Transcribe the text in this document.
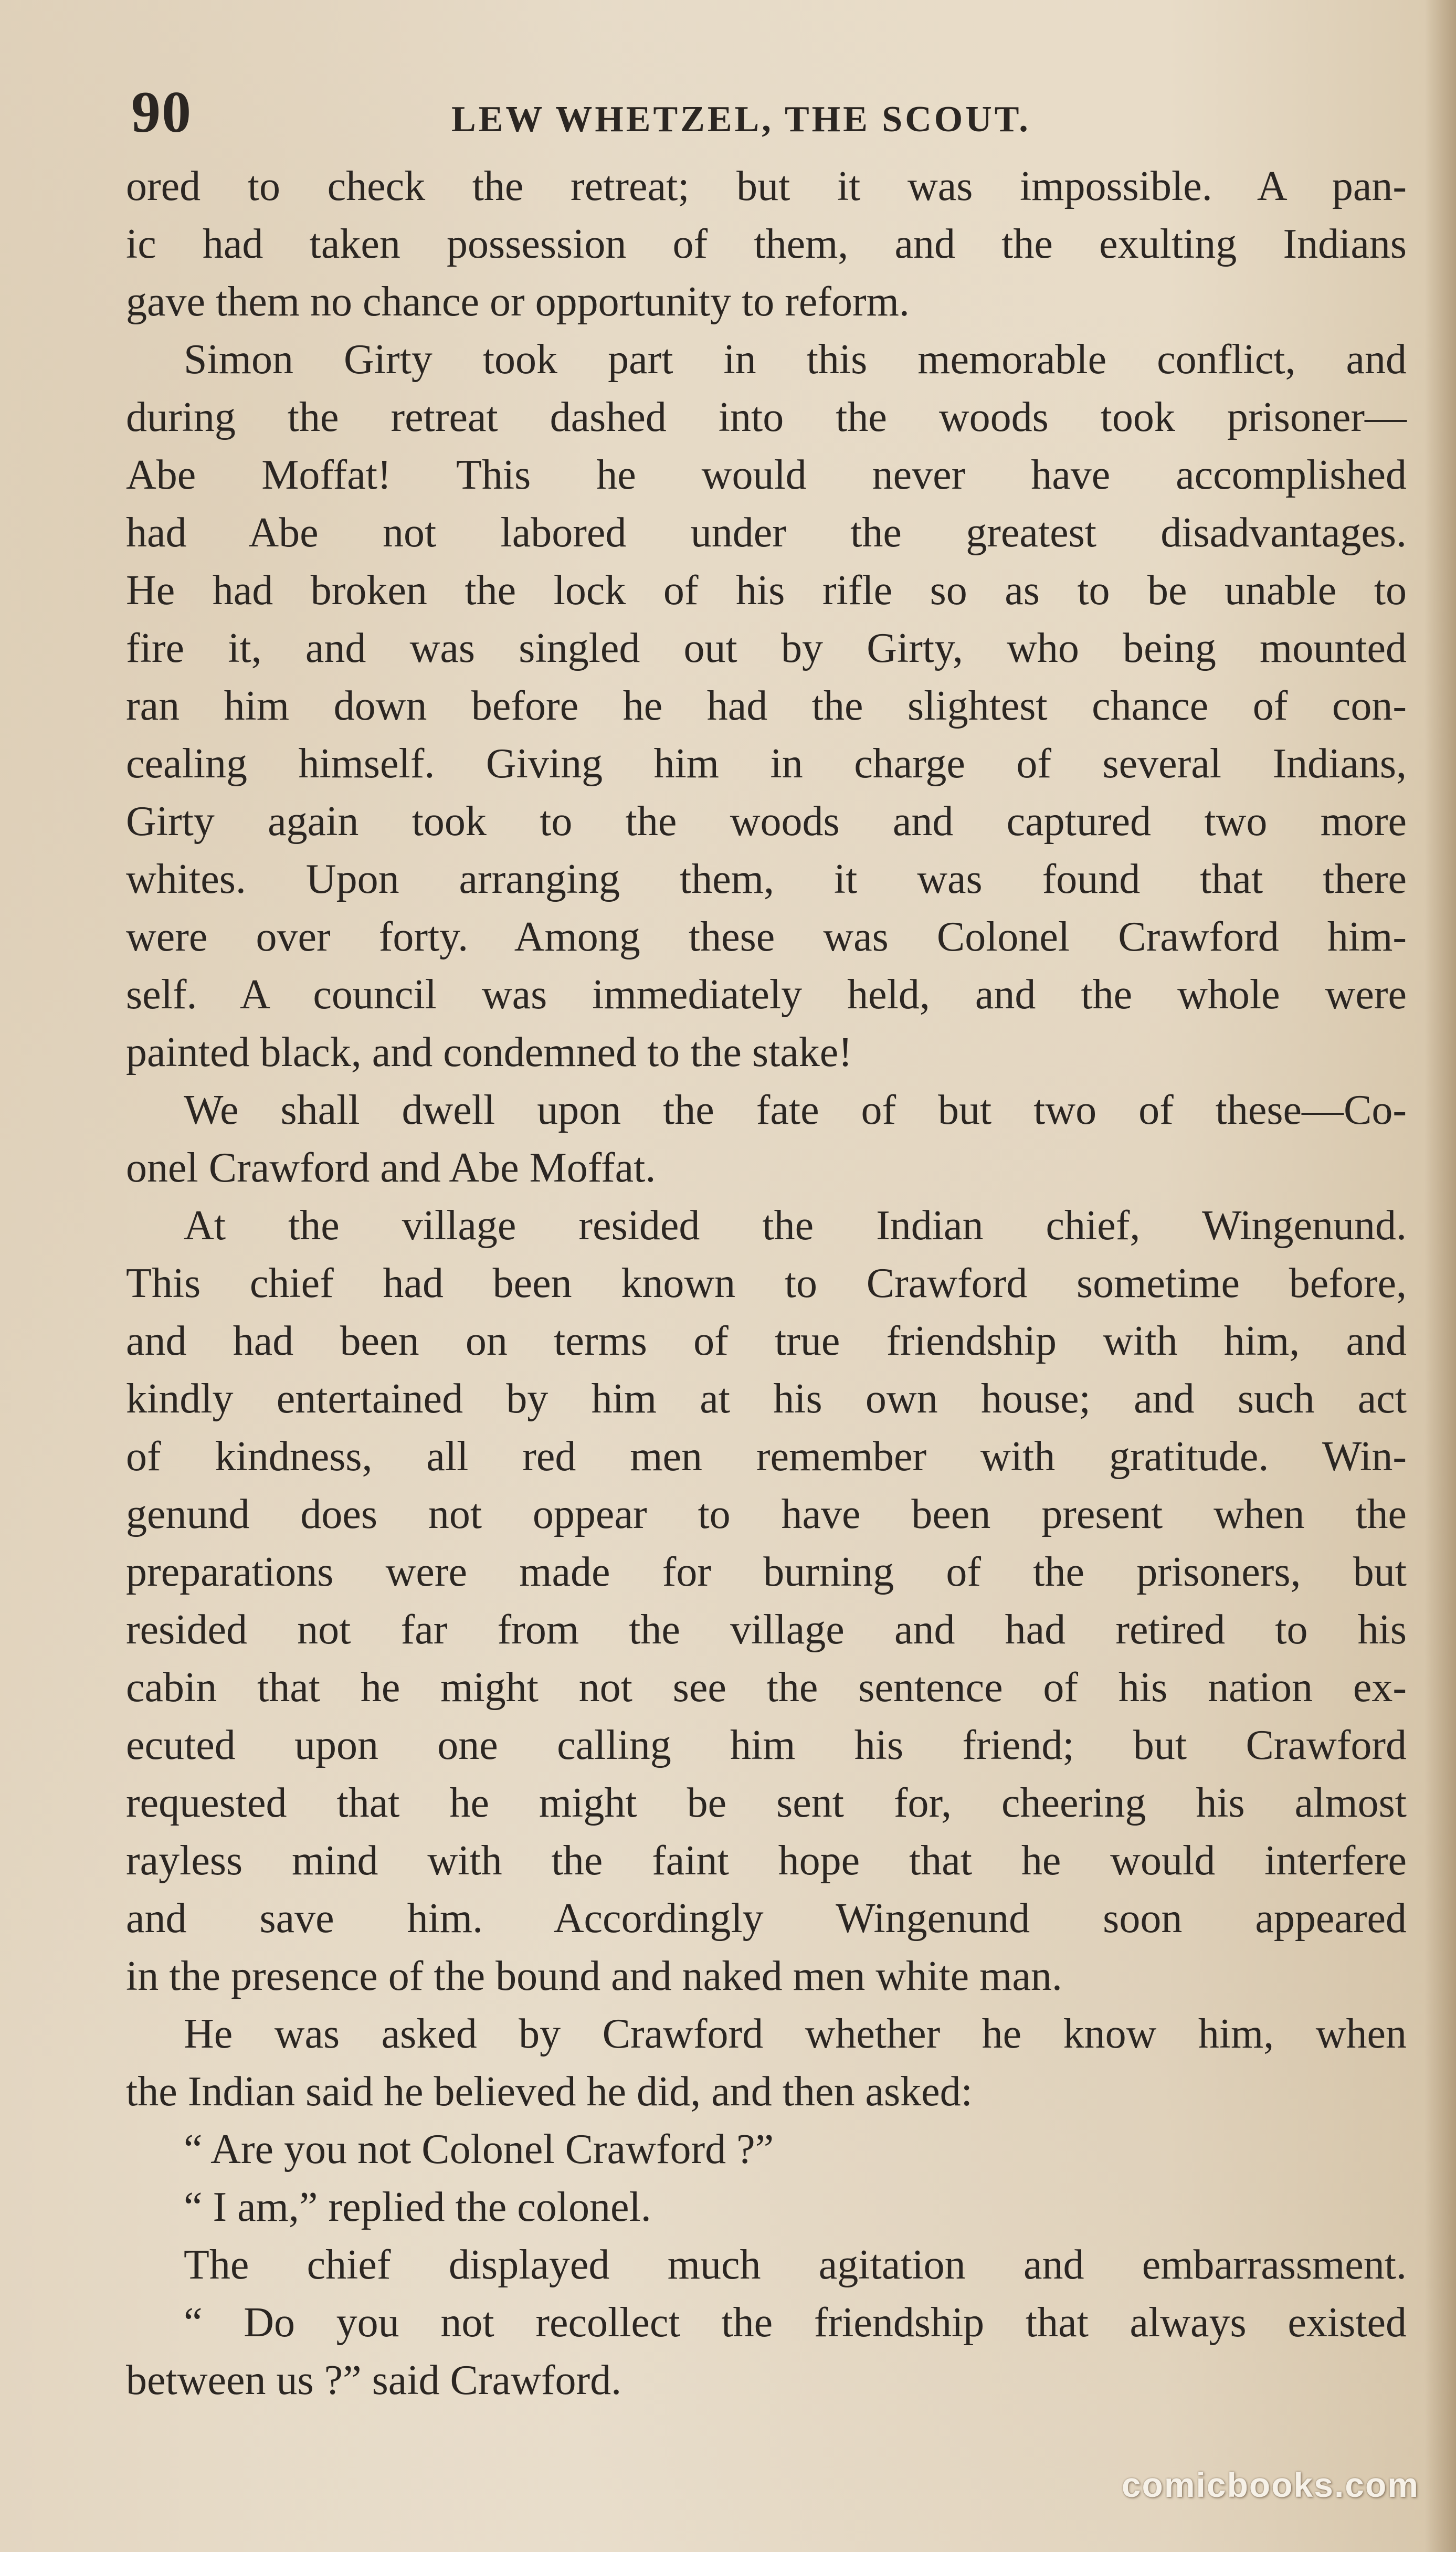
90	LEW WHETZEL, THE SCOUT.
ored to check the retreat; but it was impossible. A pan-
ic had taken possession of them, and the exulting Indians
gave them no chance or opportunity to reform.
Simon Girty took part in this memorable conflict, and
during the retreat dashed into the woods took prisoner—
Abe Moffat! This he would never have accomplished
had Abe not labored under the greatest disadvantages.
He had broken the lock of his rifle so as to be unable to
fire it, and was singled out by Girty, who being mounted
ran him down before he had the slightest chance of con-
cealing himself. Giving him in charge of several Indians,
Girty again took to the woods and captured two more
whites. Upon arranging them, it was found that there
were over forty. Among these was Colonel Crawford him-
self. A council was immediately held, and the whole were
painted black, and condemned to the stake!
We shall dwell upon the fate of but two of these—Co-
onel Crawford and Abe Moffat.
At the village resided the Indian chief, Wingenund.
This chief had been known to Crawford sometime before,
and had been on terms of true friendship with him, and
kindly entertained by him at his own house; and such act
of kindness, all red men remember with gratitude. Win-
genund does not oppear to have been present when the
preparations were made for burning of the prisoners, but
resided not far from the village and had retired to his
cabin that he might not see the sentence of his nation ex-
ecuted upon one calling him his friend; but Crawford
requested that he might be sent for, cheering his almost
rayless mind with the faint hope that he would interfere
and save him. Accordingly Wingenund soon appeared
in the presence of the bound and naked men white man.
He was asked by Crawford whether he know him, when
the Indian said he believed he did, and then asked:
“ Are you not Colonel Crawford ?”
“ I am,” replied the colonel.
The chief displayed much agitation and embarrassment.
“ Do you not recollect the friendship that always existed
between us ?” said Crawford.
comicbooks.com
